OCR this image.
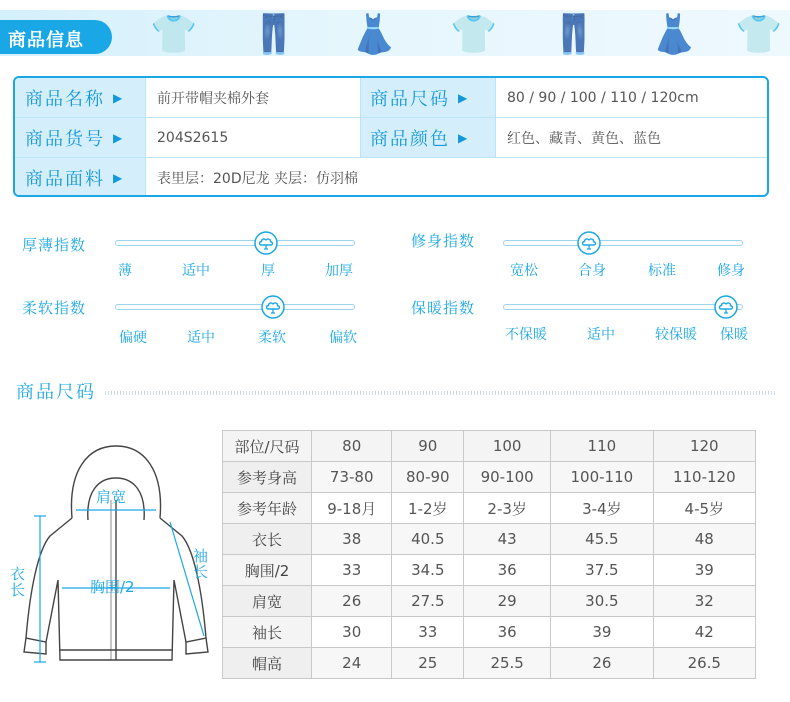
👕 👖 👗 👕 👖 👗 👕
商品信息
商品名称 ▶	前开带帽夹棉外套	商品尺码 ▶	80 / 90 / 100 / 110 / 120cm
商品货号 ▶	204S2615	商品颜色 ▶	红色、藏青、黄色、蓝色
商品面料 ▶	表里层：20D尼龙 夹层：仿羽棉
厚薄指数
薄	适中	厚	加厚
修身指数
宽松	合身	标准	修身
柔软指数
偏硬	适中	柔软	偏软
保暖指数
不保暖	适中	较保暖 保暖
商品尺码
肩宽
胸围/2
衣长
袖长
部位/尺码	80	90	100	110	120
参考身高	73-80	80-90	90-100	100-110	110-120
参考年龄	9-18月	1-2岁	2-3岁	3-4岁	4-5岁
衣长	38	40.5	43	45.5	48
胸围/2	33	34.5	36	37.5	39
肩宽	26	27.5	29	30.5	32
袖长	30	33	36	39	42
帽高	24	25	25.5	26	26.5
